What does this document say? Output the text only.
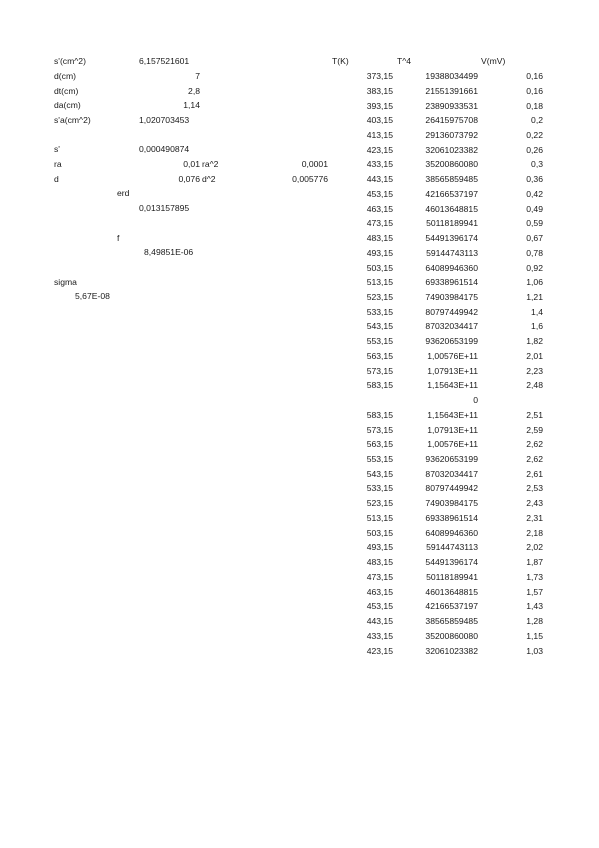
s'(cm^2)	6,157521601
d(cm)	7
dt(cm)	2,8
da(cm)	1,14
s'a(cm^2)	1,020703453
s'	0,000490874
ra	0,01 ra^2	0,0001
d	0,076 d^2	0,005776
erd
0,013157895
f
8,49851E-06
sigma
5,67E-08
T(K)	T^4	V(mV)
373,15	19388034499	0,16
383,15	21551391661	0,16
393,15	23890933531	0,18
403,15	26415975708	0,2
413,15	29136073792	0,22
423,15	32061023382	0,26
433,15	35200860080	0,3
443,15	38565859485	0,36
453,15	42166537197	0,42
463,15	46013648815	0,49
473,15	50118189941	0,59
483,15	54491396174	0,67
493,15	59144743113	0,78
503,15	64089946360	0,92
513,15	69338961514	1,06
523,15	74903984175	1,21
533,15	80797449942	1,4
543,15	87032034417	1,6
553,15	93620653199	1,82
563,15	1,00576E+11	2,01
573,15	1,07913E+11	2,23
583,15	1,15643E+11	2,48
0
583,15	1,15643E+11	2,51
573,15	1,07913E+11	2,59
563,15	1,00576E+11	2,62
553,15	93620653199	2,62
543,15	87032034417	2,61
533,15	80797449942	2,53
523,15	74903984175	2,43
513,15	69338961514	2,31
503,15	64089946360	2,18
493,15	59144743113	2,02
483,15	54491396174	1,87
473,15	50118189941	1,73
463,15	46013648815	1,57
453,15	42166537197	1,43
443,15	38565859485	1,28
433,15	35200860080	1,15
423,15	32061023382	1,03
